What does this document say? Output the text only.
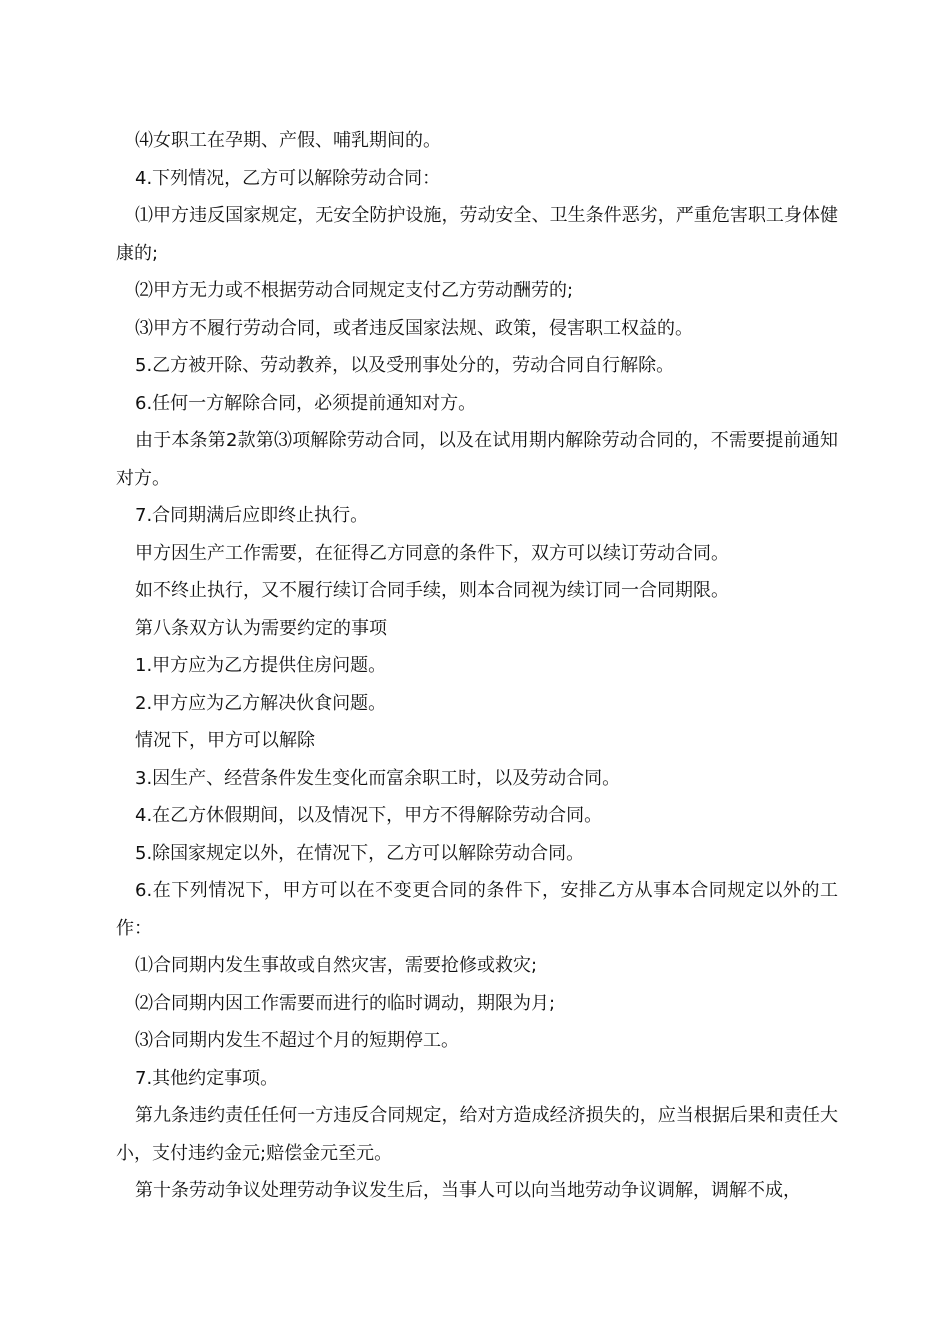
⑷女职工在孕期、产假、哺乳期间的。

4.下列情况，乙方可以解除劳动合同：

⑴甲方违反国家规定，无安全防护设施，劳动安全、卫生条件恶劣，严重危害职工身体健康的;

⑵甲方无力或不根据劳动合同规定支付乙方劳动酬劳的;

⑶甲方不履行劳动合同，或者违反国家法规、政策，侵害职工权益的。

5.乙方被开除、劳动教养，以及受刑事处分的，劳动合同自行解除。

6.任何一方解除合同，必须提前通知对方。

由于本条第2款第⑶项解除劳动合同，以及在试用期内解除劳动合同的，不需要提前通知对方。

7.合同期满后应即终止执行。

甲方因生产工作需要，在征得乙方同意的条件下，双方可以续订劳动合同。

如不终止执行，又不履行续订合同手续，则本合同视为续订同一合同期限。

第八条双方认为需要约定的事项

1.甲方应为乙方提供住房问题。

2.甲方应为乙方解决伙食问题。

情况下，甲方可以解除

3.因生产、经营条件发生变化而富余职工时，以及劳动合同。

4.在乙方休假期间，以及情况下，甲方不得解除劳动合同。

5.除国家规定以外，在情况下，乙方可以解除劳动合同。

6.在下列情况下，甲方可以在不变更合同的条件下，安排乙方从事本合同规定以外的工作：

⑴合同期内发生事故或自然灾害，需要抢修或救灾;

⑵合同期内因工作需要而进行的临时调动，期限为月;

⑶合同期内发生不超过个月的短期停工。

7.其他约定事项。

第九条违约责任任何一方违反合同规定，给对方造成经济损失的，应当根据后果和责任大小，支付违约金元;赔偿金元至元。

第十条劳动争议处理劳动争议发生后，当事人可以向当地劳动争议调解，调解不成，
